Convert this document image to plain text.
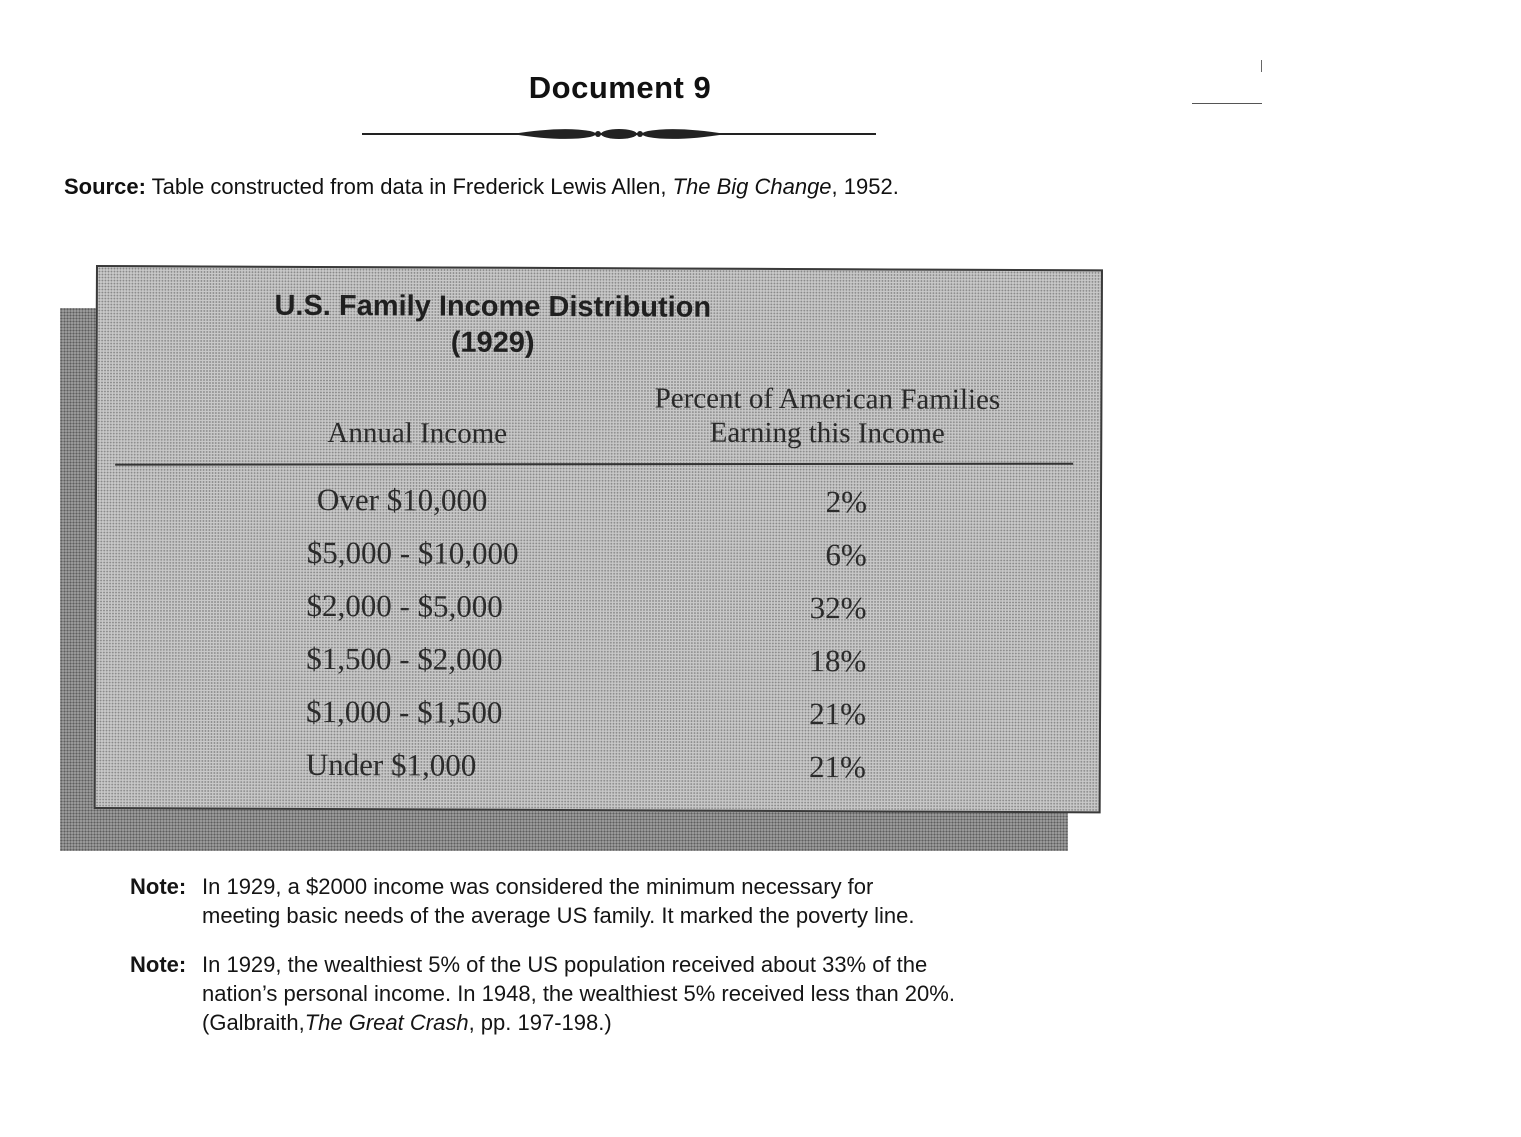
Document 9
Source: Table constructed from data in Frederick Lewis Allen, The Big Change, 1952.
U.S. Family Income Distribution
(1929)
Annual Income
Percent of American Families
Earning this Income
Over $10,000	2%
$5,000 - $10,000	6%
$2,000 - $5,000	32%
$1,500 - $2,000	18%
$1,000 - $1,500	21%
Under $1,000	21%
Note: In 1929, a $2000 income was considered the minimum necessary for
meeting basic needs of the average US family. It marked the poverty line.
Note: In 1929, the wealthiest 5% of the US population received about 33% of the
nation’s personal income. In 1948, the wealthiest 5% received less than 20%.
(Galbraith,The Great Crash, pp. 197-198.)
